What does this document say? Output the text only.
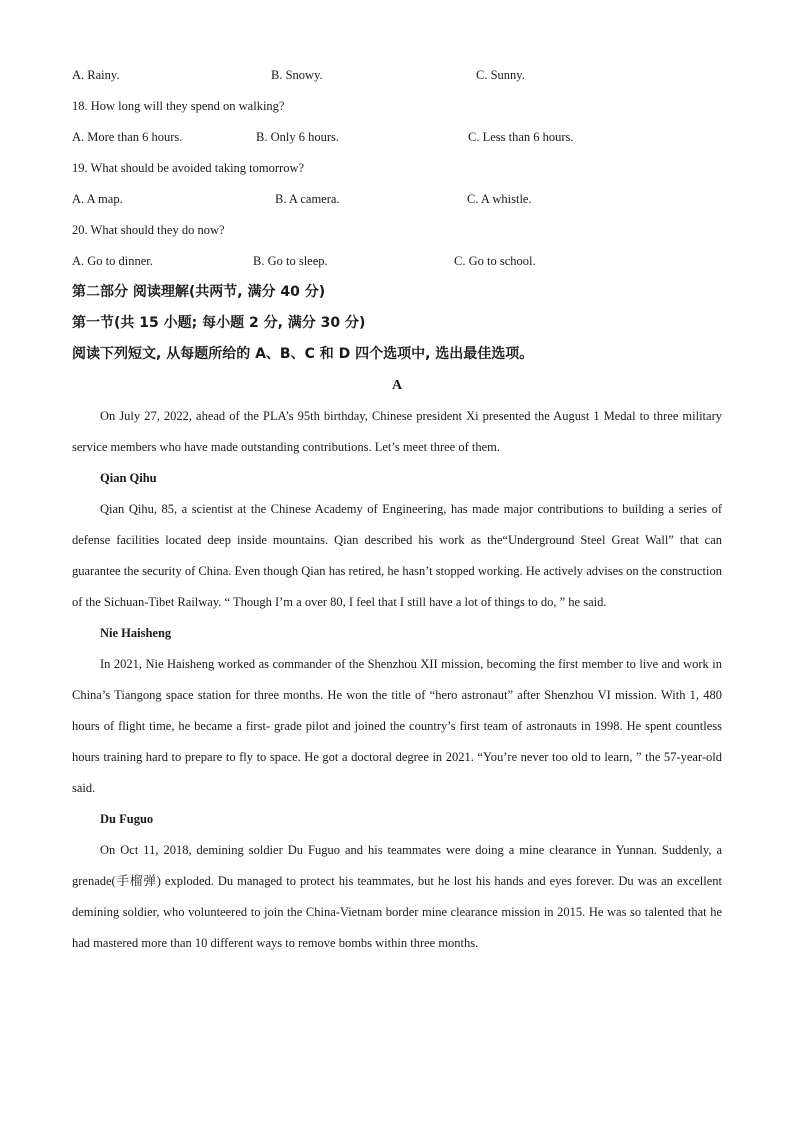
A. Rainy.	B. Snowy.	C. Sunny.
18. How long will they spend on walking?
A. More than 6 hours.	B. Only 6 hours.	C. Less than 6 hours.
19. What should be avoided taking tomorrow?
A. A map.	B. A camera.	C. A whistle.
20. What should they do now?
A. Go to dinner.	B. Go to sleep.	C. Go to school.
第二部分 阅读理解(共两节, 满分 40 分)
第一节(共 15 小题; 每小题 2 分, 满分 30 分)
阅读下列短文, 从每题所给的 A、B、C 和 D 四个选项中, 选出最佳选项。
A

On July 27, 2022, ahead of the PLA’s 95th birthday, Chinese president Xi presented the August 1 Medal to three military service members who have made outstanding contributions. Let’s meet three of them.

Qian Qihu

Qian Qihu, 85, a scientist at the Chinese Academy of Engineering, has made major contributions to building a series of defense facilities located deep inside mountains. Qian described his work as the“Underground Steel Great Wall” that can guarantee the security of China. Even though Qian has retired, he hasn’t stopped working. He actively advises on the construction of the Sichuan-Tibet Railway. “ Though I’m a over 80, I feel that I still have a lot of things to do, ” he said.

Nie Haisheng

In 2021, Nie Haisheng worked as commander of the Shenzhou XII mission, becoming the first member to live and work in China’s Tiangong space station for three months. He won the title of “hero astronaut” after Shenzhou VI mission. With 1, 480 hours of flight time, he became a first- grade pilot and joined the country’s first team of astronauts in 1998. He spent countless hours training hard to prepare to fly to space. He got a doctoral degree in 2021. “You’re never too old to learn, ” the 57-year-old said.

Du Fuguo

On Oct 11, 2018, demining soldier Du Fuguo and his teammates were doing a mine clearance in Yunnan. Suddenly, a grenade(手榴弹) exploded. Du managed to protect his teammates, but he lost his hands and eyes forever. Du was an excellent demining soldier, who volunteered to join the China-Vietnam border mine clearance mission in 2015. He was so talented that he had mastered more than 10 different ways to remove bombs within three months.
